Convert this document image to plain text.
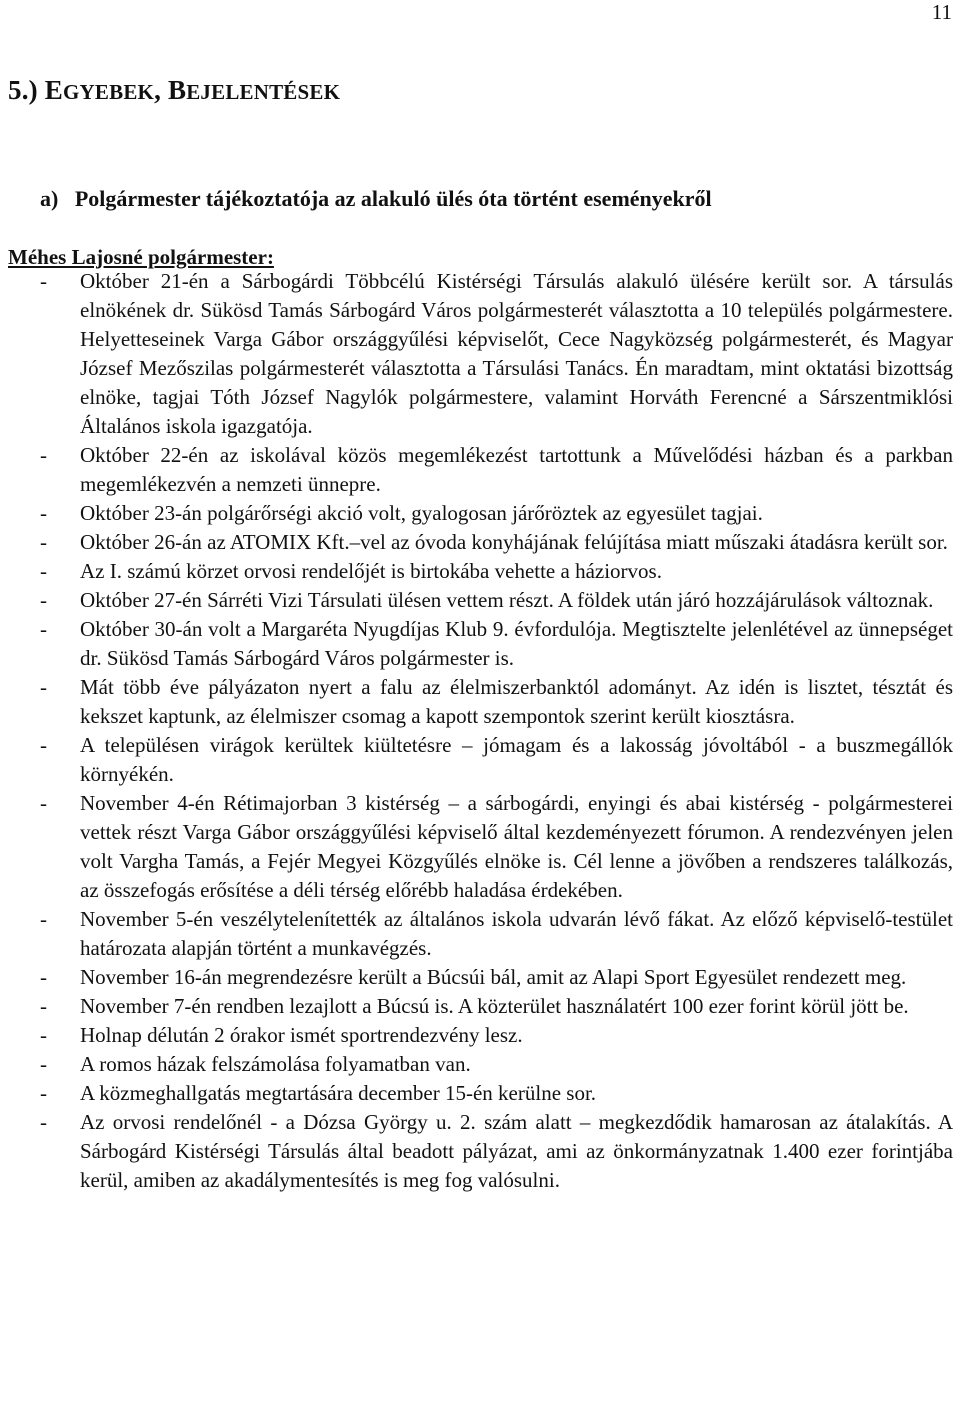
11
5.) EGYEBEK, BEJELENTÉSEK
a) Polgármester tájékoztatója az alakuló ülés óta történt eseményekről
Méhes Lajosné polgármester:
- Október 21-én a Sárbogárdi Többcélú Kistérségi Társulás alakuló ülésére került sor. A társulás elnökének dr. Sükösd Tamás Sárbogárd Város polgármesterét választotta a 10 település polgármestere. Helyetteseinek Varga Gábor országgyűlési képviselőt, Cece Nagyközség polgármesterét, és Magyar József Mezőszilas polgármesterét választotta a Társulási Tanács. Én maradtam, mint oktatási bizottság elnöke, tagjai Tóth József Nagylók polgármestere, valamint Horváth Ferencné a Sárszentmiklósi Általános iskola igazgatója.
- Október 22-én az iskolával közös megemlékezést tartottunk a Művelődési házban és a parkban megemlékezvén a nemzeti ünnepre.
- Október 23-án polgárőrségi akció volt, gyalogosan járőröztek az egyesület tagjai.
- Október 26-án az ATOMIX Kft.–vel az óvoda konyhájának felújítása miatt műszaki átadásra került sor.
- Az I. számú körzet orvosi rendelőjét is birtokába vehette a háziorvos.
- Október 27-én Sárréti Vizi Társulati ülésen vettem részt. A földek után járó hozzájárulások változnak.
- Október 30-án volt a Margaréta Nyugdíjas Klub 9. évfordulója. Megtisztelte jelenlétével az ünnepséget dr. Sükösd Tamás Sárbogárd Város polgármester is.
- Mát több éve pályázaton nyert a falu az élelmiszerbanktól adományt. Az idén is lisztet, tésztát és kekszet kaptunk, az élelmiszer csomag a kapott szempontok szerint került kiosztásra.
- A településen virágok kerültek kiültetésre – jómagam és a lakosság jóvoltából - a buszmegállók környékén.
- November 4-én Rétimajorban 3 kistérség – a sárbogárdi, enyingi és abai kistérség - polgármesterei vettek részt Varga Gábor országgyűlési képviselő által kezdeményezett fórumon. A rendezvényen jelen volt Vargha Tamás, a Fejér Megyei Közgyűlés elnöke is. Cél lenne a jövőben a rendszeres találkozás, az összefogás erősítése a déli térség előrébb haladása érdekében.
- November 5-én veszélytelenítették az általános iskola udvarán lévő fákat. Az előző képviselő-testület határozata alapján történt a munkavégzés.
- November 16-án megrendezésre került a Búcsúi bál, amit az Alapi Sport Egyesület rendezett meg.
- November 7-én rendben lezajlott a Búcsú is. A közterület használatért 100 ezer forint körül jött be.
- Holnap délután 2 órakor ismét sportrendezvény lesz.
- A romos házak felszámolása folyamatban van.
- A közmeghallgatás megtartására december 15-én kerülne sor.
- Az orvosi rendelőnél - a Dózsa György u. 2. szám alatt – megkezdődik hamarosan az átalakítás. A Sárbogárd Kistérségi Társulás által beadott pályázat, ami az önkormányzatnak 1.400 ezer forintjába kerül, amiben az akadálymentesítés is meg fog valósulni.
